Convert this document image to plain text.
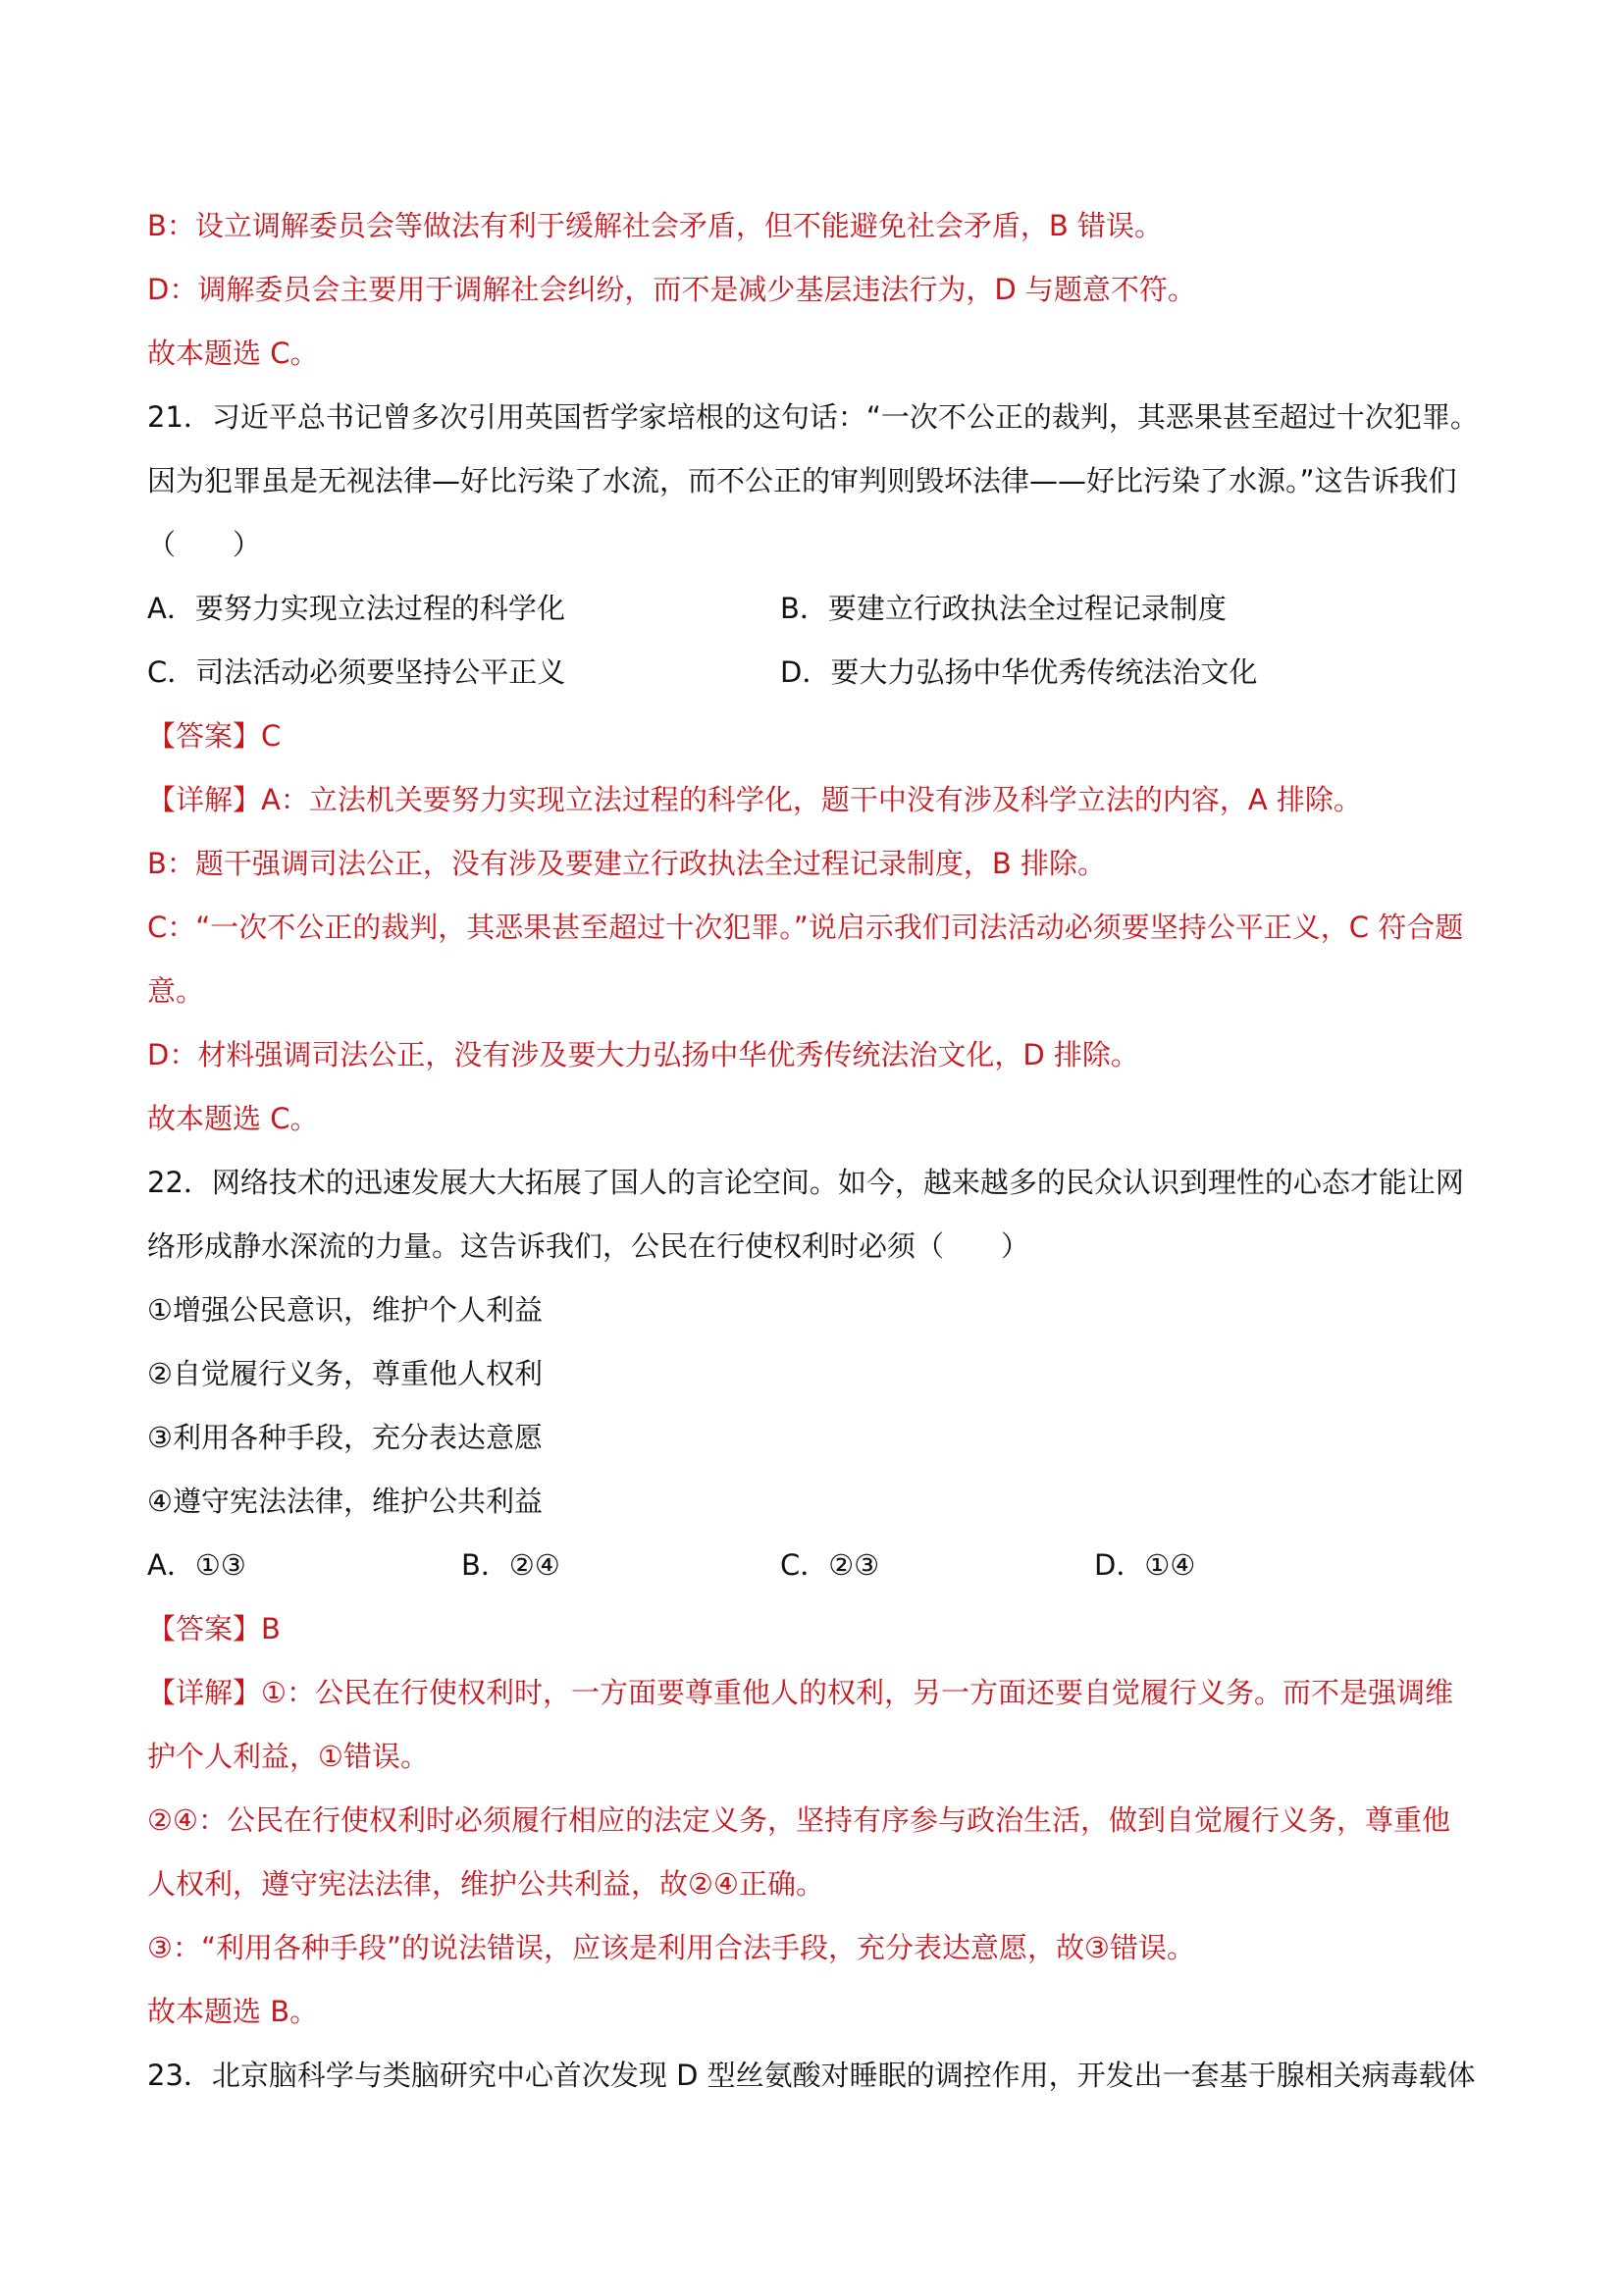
B：设立调解委员会等做法有利于缓解社会矛盾，但不能避免社会矛盾，B 错误。
D：调解委员会主要用于调解社会纠纷，而不是减少基层违法行为，D 与题意不符。
故本题选 C。
21．习近平总书记曾多次引用英国哲学家培根的这句话：“一次不公正的裁判，其恶果甚至超过十次犯罪。
因为犯罪虽是无视法律—好比污染了水流，而不公正的审判则毁坏法律——好比污染了水源。”这告诉我们
（　　）
A．要努力实现立法过程的科学化	B．要建立行政执法全过程记录制度
C．司法活动必须要坚持公平正义	D．要大力弘扬中华优秀传统法治文化
【答案】C
【详解】A：立法机关要努力实现立法过程的科学化，题干中没有涉及科学立法的内容，A 排除。
B：题干强调司法公正，没有涉及要建立行政执法全过程记录制度，B 排除。
C：“一次不公正的裁判，其恶果甚至超过十次犯罪。”说启示我们司法活动必须要坚持公平正义，C 符合题
意。
D：材料强调司法公正，没有涉及要大力弘扬中华优秀传统法治文化，D 排除。
故本题选 C。
22．网络技术的迅速发展大大拓展了国人的言论空间。如今，越来越多的民众认识到理性的心态才能让网
络形成静水深流的力量。这告诉我们，公民在行使权利时必须（　　）
①增强公民意识，维护个人利益
②自觉履行义务，尊重他人权利
③利用各种手段，充分表达意愿
④遵守宪法法律，维护公共利益
A．①③	B．②④	C．②③	D．①④
【答案】B
【详解】①：公民在行使权利时，一方面要尊重他人的权利，另一方面还要自觉履行义务。而不是强调维
护个人利益，①错误。
②④：公民在行使权利时必须履行相应的法定义务，坚持有序参与政治生活，做到自觉履行义务，尊重他
人权利，遵守宪法法律，维护公共利益，故②④正确。
③：“利用各种手段”的说法错误，应该是利用合法手段，充分表达意愿，故③错误。
故本题选 B。
23．北京脑科学与类脑研究中心首次发现 D 型丝氨酸对睡眠的调控作用，开发出一套基于腺相关病毒载体
